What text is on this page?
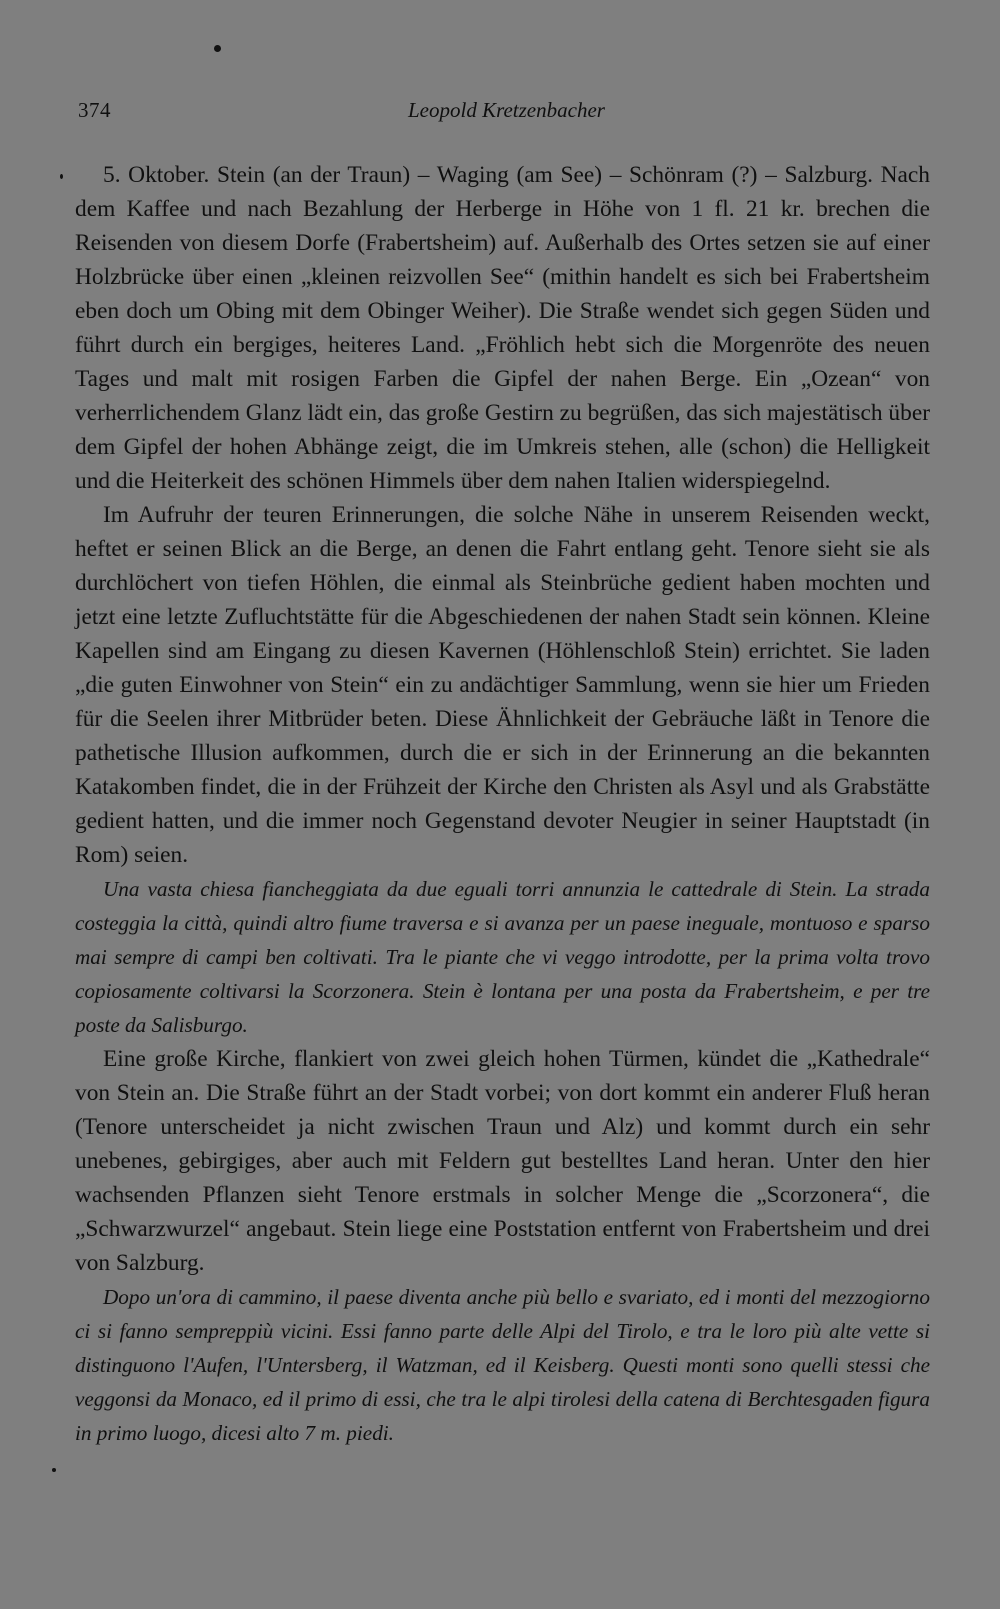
374	Leopold Kretzenbacher

5. Oktober. Stein (an der Traun) – Waging (am See) – Schönram (?) – Salzburg. Nach dem Kaffee und nach Bezahlung der Herberge in Höhe von 1 fl. 21 kr. brechen die Reisenden von diesem Dorfe (Frabertsheim) auf. Außerhalb des Ortes setzen sie auf einer Holzbrücke über einen „kleinen reizvollen See“ (mithin handelt es sich bei Frabertsheim eben doch um Obing mit dem Obinger Weiher). Die Straße wendet sich gegen Süden und führt durch ein bergiges, heiteres Land. „Fröhlich hebt sich die Morgenröte des neuen Tages und malt mit rosigen Farben die Gipfel der nahen Berge. Ein „Ozean“ von verherrlichendem Glanz lädt ein, das große Gestirn zu begrüßen, das sich majestätisch über dem Gipfel der hohen Abhänge zeigt, die im Umkreis stehen, alle (schon) die Helligkeit und die Heiterkeit des schönen Himmels über dem nahen Italien widerspiegelnd.

Im Aufruhr der teuren Erinnerungen, die solche Nähe in unserem Reisenden weckt, heftet er seinen Blick an die Berge, an denen die Fahrt entlang geht. Tenore sieht sie als durchlöchert von tiefen Höhlen, die einmal als Steinbrüche gedient haben mochten und jetzt eine letzte Zufluchtstätte für die Abgeschiedenen der nahen Stadt sein können. Kleine Kapellen sind am Eingang zu diesen Kavernen (Höhlenschloß Stein) errichtet. Sie laden „die guten Einwohner von Stein“ ein zu andächtiger Sammlung, wenn sie hier um Frieden für die Seelen ihrer Mitbrüder beten. Diese Ähnlichkeit der Gebräuche läßt in Tenore die pathetische Illusion aufkommen, durch die er sich in der Erinnerung an die bekannten Katakomben findet, die in der Frühzeit der Kirche den Christen als Asyl und als Grabstätte gedient hatten, und die immer noch Gegenstand devoter Neugier in seiner Hauptstadt (in Rom) seien.

Una vasta chiesa fiancheggiata da due eguali torri annunzia le cattedrale di Stein. La strada costeggia la città, quindi altro fiume traversa e si avanza per un paese ineguale, montuoso e sparso mai sempre di campi ben coltivati. Tra le piante che vi veggo introdotte, per la prima volta trovo copiosamente coltivarsi la Scorzonera. Stein è lontana per una posta da Frabertsheim, e per tre poste da Salisburgo.

Eine große Kirche, flankiert von zwei gleich hohen Türmen, kündet die „Kathedrale“ von Stein an. Die Straße führt an der Stadt vorbei; von dort kommt ein anderer Fluß heran (Tenore unterscheidet ja nicht zwischen Traun und Alz) und kommt durch ein sehr unebenes, gebirgiges, aber auch mit Feldern gut bestelltes Land heran. Unter den hier wachsenden Pflanzen sieht Tenore erstmals in solcher Menge die „Scorzonera“, die „Schwarzwurzel“ angebaut. Stein liege eine Poststation entfernt von Frabertsheim und drei von Salzburg.

Dopo un'ora di cammino, il paese diventa anche più bello e svariato, ed i monti del mezzogiorno ci si fanno sempreppiù vicini. Essi fanno parte delle Alpi del Tirolo, e tra le loro più alte vette si distinguono l'Aufen, l'Untersberg, il Watzman, ed il Keisberg. Questi monti sono quelli stessi che veggonsi da Monaco, ed il primo di essi, che tra le alpi tirolesi della catena di Berchtesgaden figura in primo luogo, dicesi alto 7 m. piedi.
